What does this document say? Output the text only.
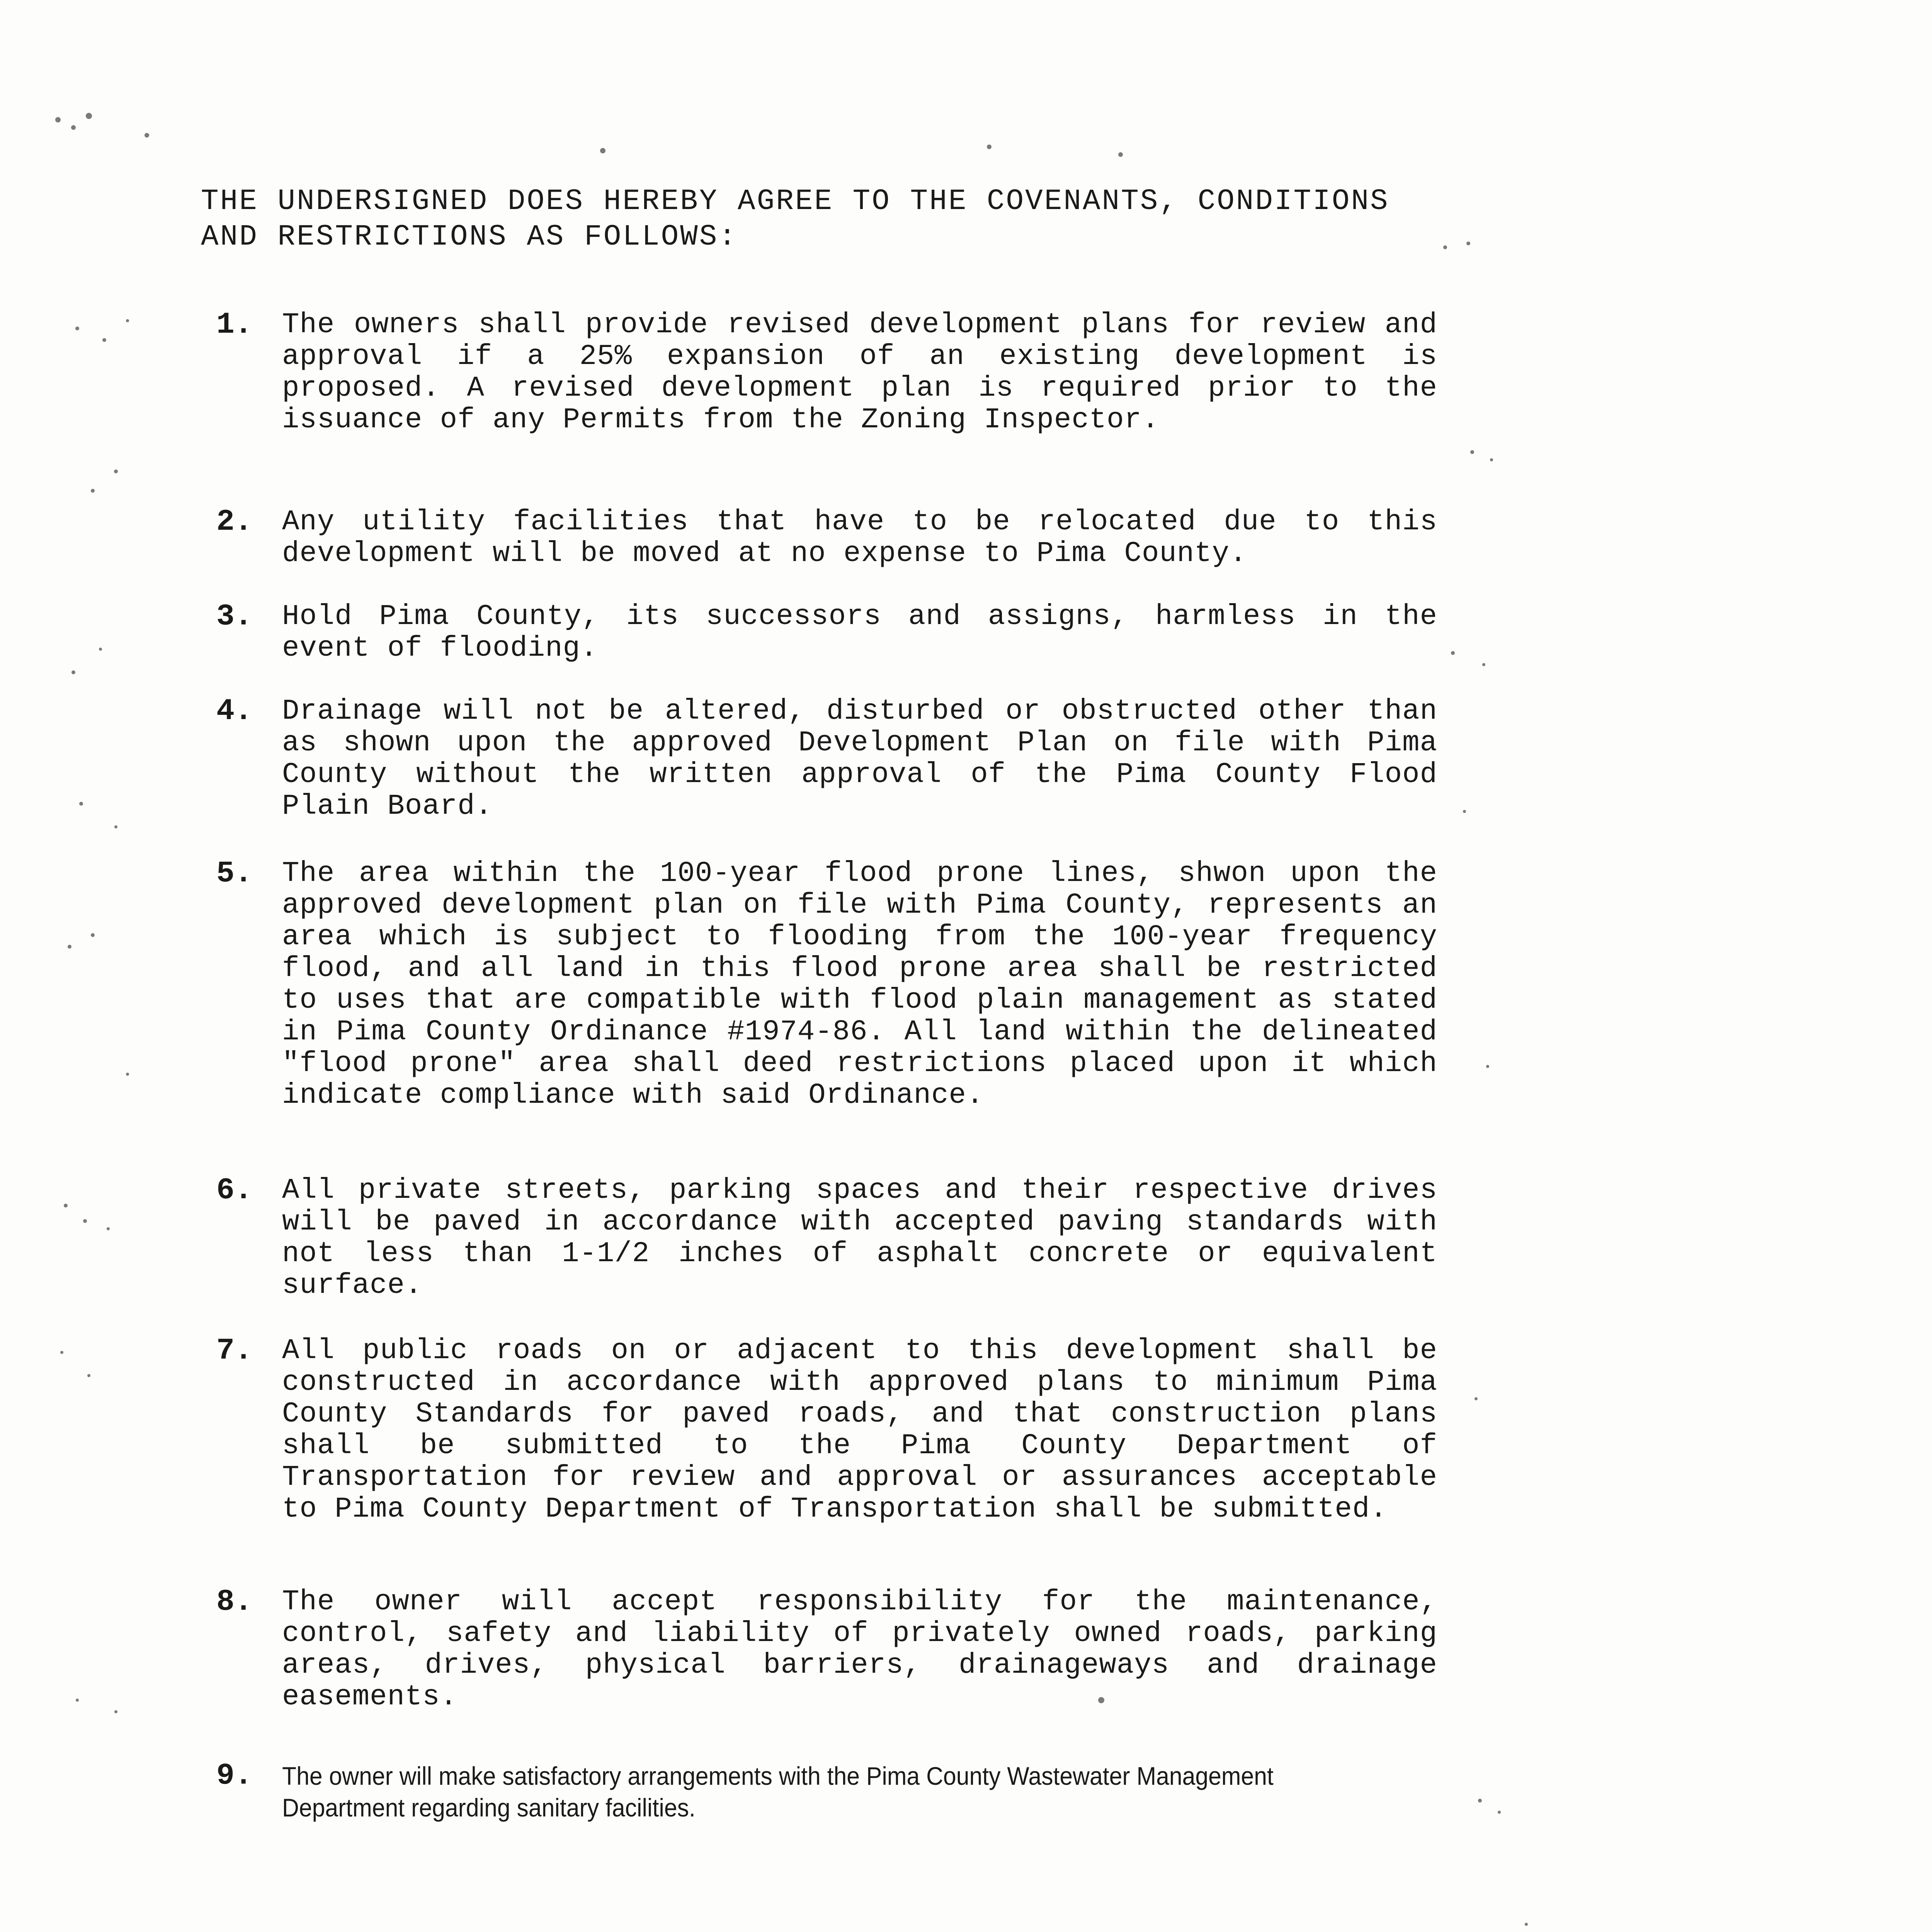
THE UNDERSIGNED DOES HEREBY AGREE TO THE COVENANTS, CONDITIONS AND RESTRICTIONS AS FOLLOWS:

1.	The owners shall provide revised development plans for review and approval if a 25% expansion of an existing development is proposed. A revised development plan is required prior to the issuance of any Permits from the Zoning Inspector.
2.	Any utility facilities that have to be relocated due to this development will be moved at no expense to Pima County.
3.	Hold Pima County, its successors and assigns, harmless in the event of flooding.
4.	Drainage will not be altered, disturbed or obstructed other than as shown upon the approved Development Plan on file with Pima County without the written approval of the Pima County Flood Plain Board.
5.	The area within the 100-year flood prone lines, shwon upon the approved development plan on file with Pima County, represents an area which is subject to flooding from the 100-year frequency flood, and all land in this flood prone area shall be restricted to uses that are compatible with flood plain management as stated in Pima County Ordinance #1974-86. All land within the delineated "flood prone" area shall deed restrictions placed upon it which indicate compliance with said Ordinance.
6.	All private streets, parking spaces and their respective drives will be paved in accordance with accepted paving standards with not less than 1-1/2 inches of asphalt concrete or equivalent surface.
7.	All public roads on or adjacent to this development shall be constructed in accordance with approved plans to minimum Pima County Standards for paved roads, and that construction plans shall be submitted to the Pima County Department of Transportation for review and approval or assurances acceptable to Pima County Department of Transportation shall be submitted.
8.	The owner will accept responsibility for the maintenance, control, safety and liability of privately owned roads, parking areas, drives, physical barriers, drainageways and drainage easements.
9.	The owner will make satisfactory arrangements with the Pima County Wastewater Management Department regarding sanitary facilities.
